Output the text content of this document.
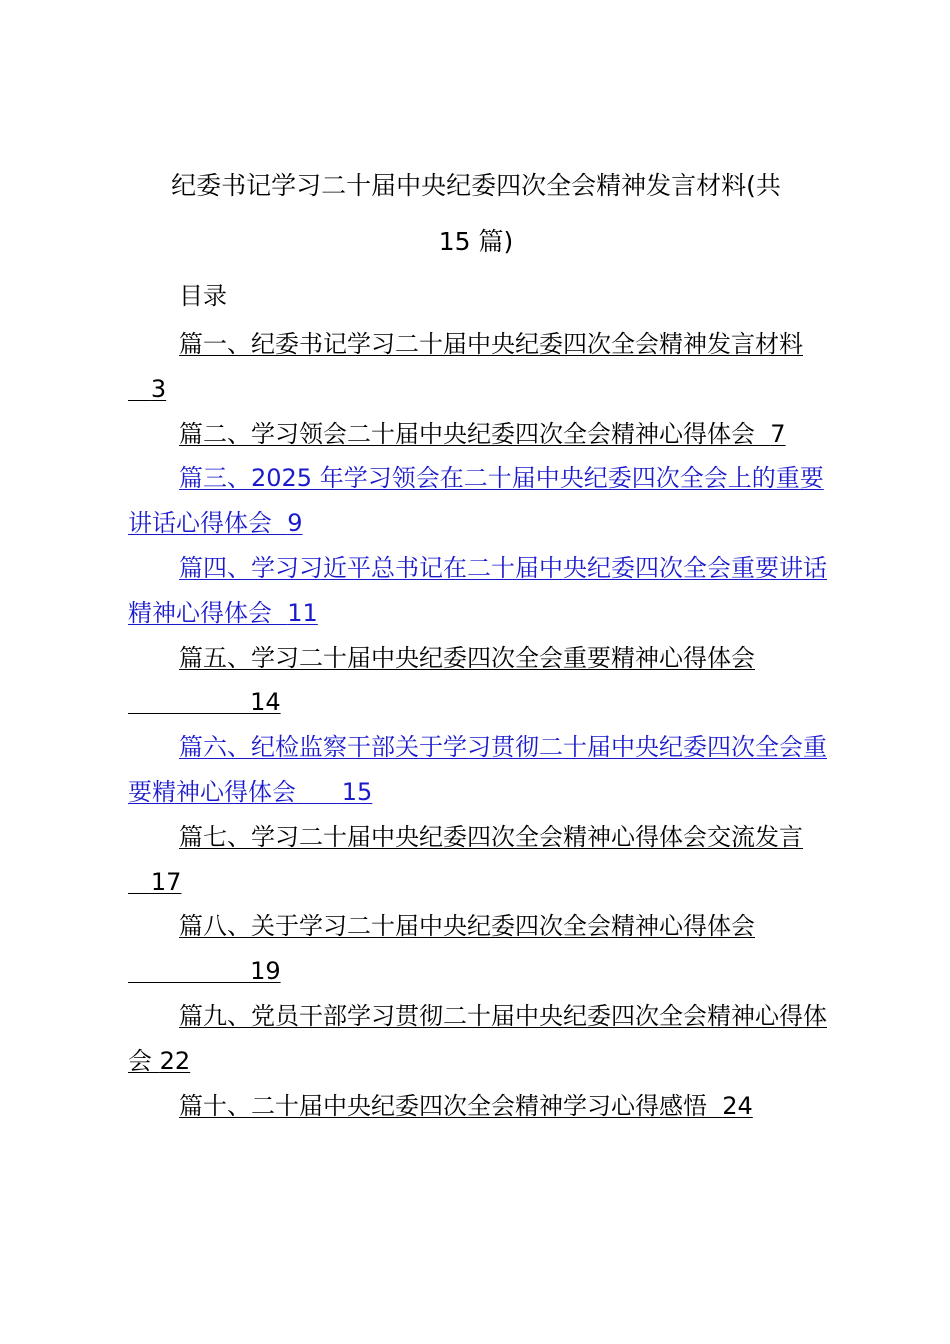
纪委书记学习二十届中央纪委四次全会精神发言材料(共
15 篇)
目录

篇一、纪委书记学习二十届中央纪委四次全会精神发言材料   3

篇二、学习领会二十届中央纪委四次全会精神心得体会 7

篇三、2025 年学习领会在二十届中央纪委四次全会上的重要讲话心得体会 9

篇四、学习习近平总书记在二十届中央纪委四次全会重要讲话精神心得体会 11

篇五、学习二十届中央纪委四次全会重要精神心得体会                14

篇六、纪检监察干部关于学习贯彻二十届中央纪委四次全会重要精神心得体会 15

篇七、学习二十届中央纪委四次全会精神心得体会交流发言   17

篇八、关于学习二十届中央纪委四次全会精神心得体会                19

篇九、党员干部学习贯彻二十届中央纪委四次全会精神心得体会 22

篇十、二十届中央纪委四次全会精神学习心得感悟 24
